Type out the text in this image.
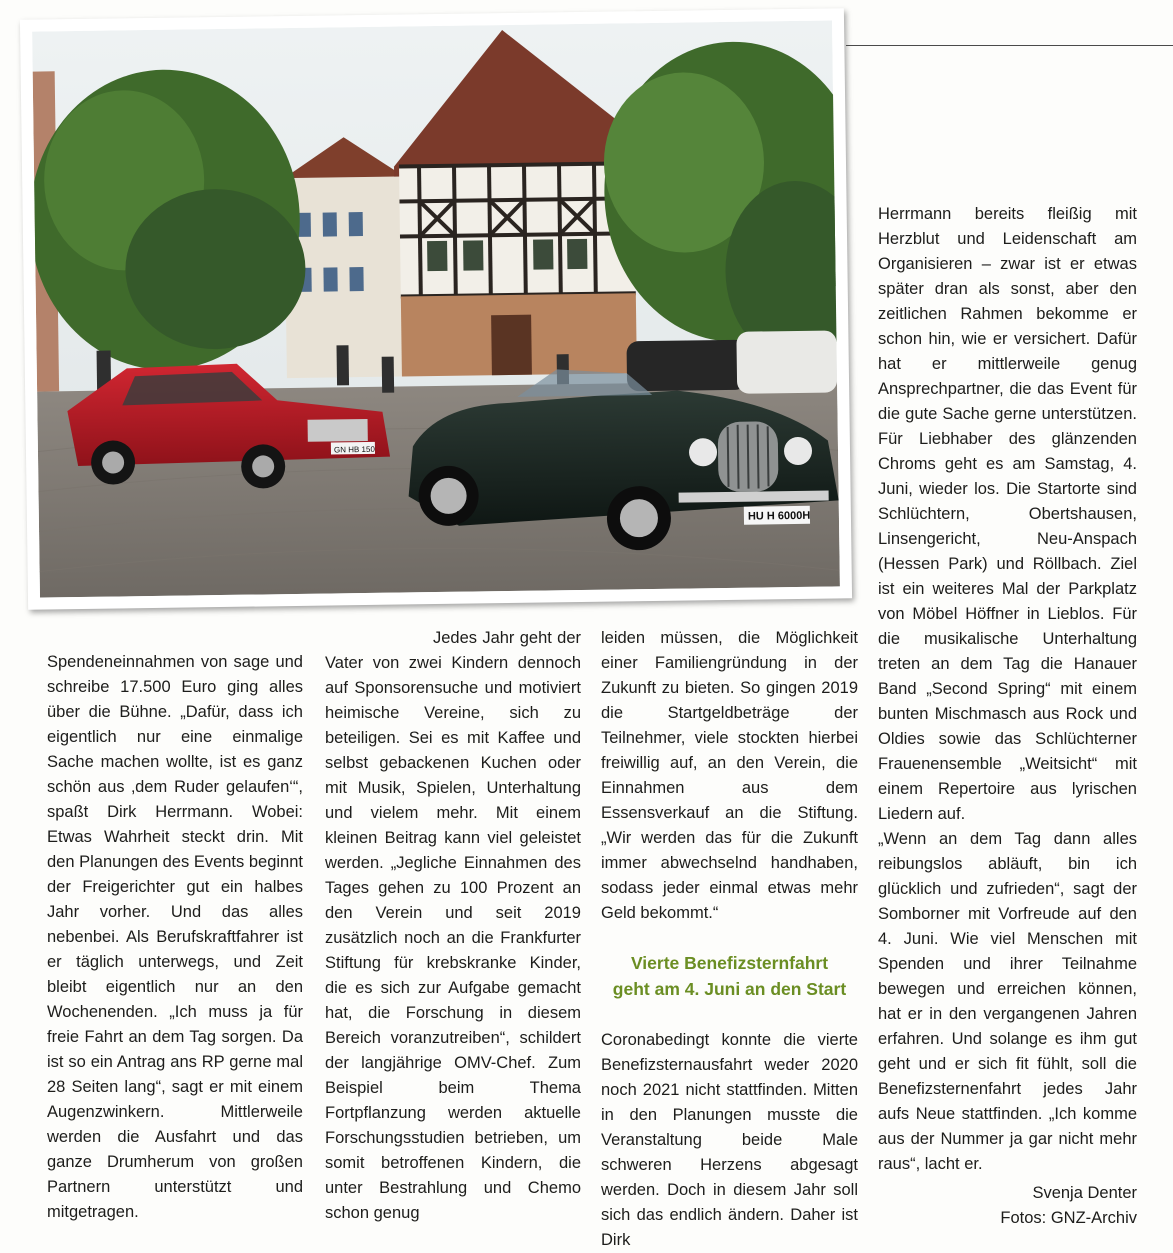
GN HB 150
HU H 6000H

Spendeneinnahmen von sage und schreibe 17.500 Euro ging alles über die Bühne. „Dafür, dass ich eigentlich nur eine einmalige Sache machen wollte, ist es ganz schön aus ‚dem Ruder gelaufen‘“, spaßt Dirk Herrmann. Wobei: Etwas Wahrheit steckt drin. Mit den Planungen des Events beginnt der Freigerichter gut ein halbes Jahr vorher. Und das alles nebenbei. Als Berufskraftfahrer ist er täglich unterwegs, und Zeit bleibt eigentlich nur an den Wochenenden. „Ich muss ja für freie Fahrt an dem Tag sorgen. Da ist so ein Antrag ans RP gerne mal 28 Seiten lang“, sagt er mit einem Augenzwinkern. Mittlerweile werden die Ausfahrt und das ganze Drumherum von großen Partnern unterstützt und mitgetragen.

Jedes Jahr geht der Vater von zwei Kindern dennoch auf Sponsorensuche und motiviert heimische Vereine, sich zu beteiligen. Sei es mit Kaffee und selbst gebackenen Kuchen oder mit Musik, Spielen, Unterhaltung und vielem mehr. Mit einem kleinen Beitrag kann viel geleistet werden. „Jegliche Einnahmen des Tages gehen zu 100 Prozent an den Verein und seit 2019 zusätzlich noch an die Frankfurter Stiftung für krebskranke Kinder, die es sich zur Aufgabe gemacht hat, die Forschung in diesem Bereich voranzutreiben“, schildert der langjährige OMV-Chef. Zum Beispiel beim Thema Fortpflanzung werden aktuelle Forschungsstudien betrieben, um somit betroffenen Kindern, die unter Bestrahlung und Chemo schon genug

leiden müssen, die Möglichkeit einer Familiengründung in der Zukunft zu bieten. So gingen 2019 die Startgeldbeträge der Teilnehmer, viele stockten hierbei freiwillig auf, an den Verein, die Einnahmen aus dem Essensverkauf an die Stiftung. „Wir werden das für die Zukunft immer abwechselnd handhaben, sodass jeder einmal etwas mehr Geld bekommt.“

Vierte Benefizsternfahrt
geht am 4. Juni an den Start

Coronabedingt konnte die vierte Benefizsternausfahrt weder 2020 noch 2021 nicht stattfinden. Mitten in den Planungen musste die Veranstaltung beide Male schweren Herzens abgesagt werden. Doch in diesem Jahr soll sich das endlich ändern. Daher ist Dirk

Herrmann bereits fleißig mit Herzblut und Leidenschaft am Organisieren – zwar ist er etwas später dran als sonst, aber den zeitlichen Rahmen bekomme er schon hin, wie er versichert. Dafür hat er mittlerweile genug Ansprechpartner, die das Event für die gute Sache gerne unterstützen. Für Liebhaber des glänzenden Chroms geht es am Samstag, 4. Juni, wieder los. Die Startorte sind Schlüchtern, Obertshausen, Linsengericht, Neu-Anspach (Hessen Park) und Röllbach. Ziel ist ein weiteres Mal der Parkplatz von Möbel Höffner in Lieblos. Für die musikalische Unterhaltung treten an dem Tag die Hanauer Band „Second Spring“ mit einem bunten Mischmasch aus Rock und Oldies sowie das Schlüchterner Frauenensemble „Weitsicht“ mit einem Repertoire aus lyrischen Liedern auf.

„Wenn an dem Tag dann alles reibungslos abläuft, bin ich glücklich und zufrieden“, sagt der Somborner mit Vorfreude auf den 4. Juni. Wie viel Menschen mit Spenden und ihrer Teilnahme bewegen und erreichen können, hat er in den vergangenen Jahren erfahren. Und solange es ihm gut geht und er sich fit fühlt, soll die Benefizsternenfahrt jedes Jahr aufs Neue stattfinden. „Ich komme aus der Nummer ja gar nicht mehr raus“, lacht er.

Svenja Denter
Fotos: GNZ-Archiv
